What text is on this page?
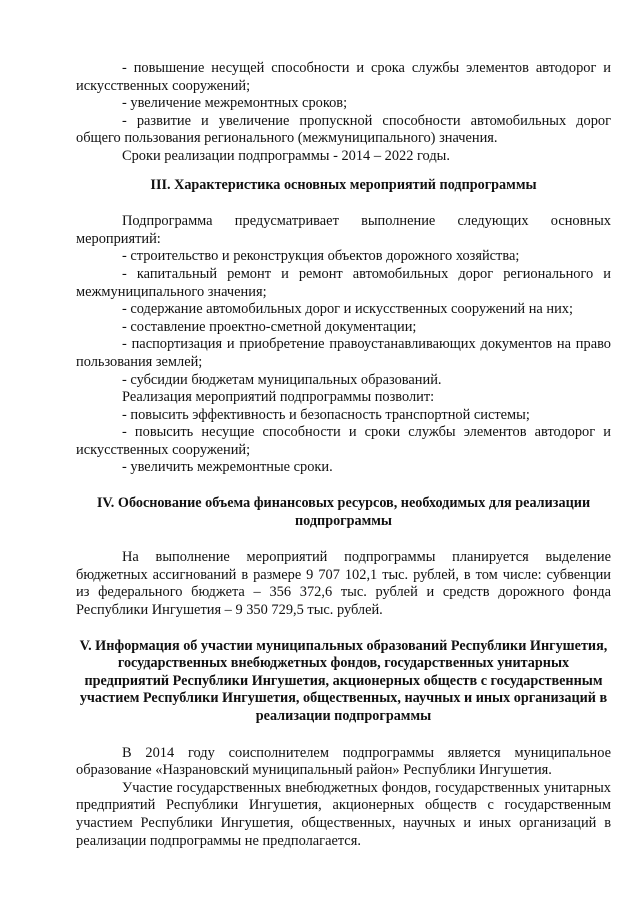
- повышение несущей способности и срока службы элементов автодорог и искусственных сооружений;

- увеличение межремонтных сроков;

- развитие и увеличение пропускной способности автомобильных дорог общего пользования регионального (межмуниципального) значения.

Сроки реализации подпрограммы - 2014 – 2022 годы.

III. Характеристика основных мероприятий подпрограммы

Подпрограмма предусматривает выполнение следующих основных мероприятий:

- строительство и реконструкция объектов дорожного хозяйства;

- капитальный ремонт и ремонт автомобильных дорог регионального и межмуниципального значения;

- содержание автомобильных дорог и искусственных сооружений на них;

- составление проектно-сметной документации;

- паспортизация и приобретение правоустанавливающих документов на право пользования землей;

- субсидии бюджетам муниципальных образований.

Реализация мероприятий подпрограммы позволит:

- повысить эффективность и безопасность транспортной системы;

- повысить несущие способности и сроки службы элементов автодорог и искусственных сооружений;

- увеличить межремонтные сроки.

IV. Обоснование объема финансовых ресурсов, необходимых для реализации подпрограммы

На выполнение мероприятий подпрограммы планируется выделение бюджетных ассигнований в размере 9 707 102,1 тыс. рублей, в том числе: субвенции из федерального бюджета – 356 372,6 тыс. рублей и средств дорожного фонда Республики Ингушетия – 9 350 729,5 тыс. рублей.

V. Информация об участии муниципальных образований Республики Ингушетия, государственных внебюджетных фондов, государственных унитарных предприятий Республики Ингушетия, акционерных обществ с государственным участием Республики Ингушетия, общественных, научных и иных организаций в реализации подпрограммы

В 2014 году соисполнителем подпрограммы является муниципальное образование «Назрановский муниципальный район» Республики Ингушетия.

Участие государственных внебюджетных фондов, государственных унитарных предприятий Республики Ингушетия, акционерных обществ с государственным участием Республики Ингушетия, общественных, научных и иных организаций в реализации подпрограммы не предполагается.
